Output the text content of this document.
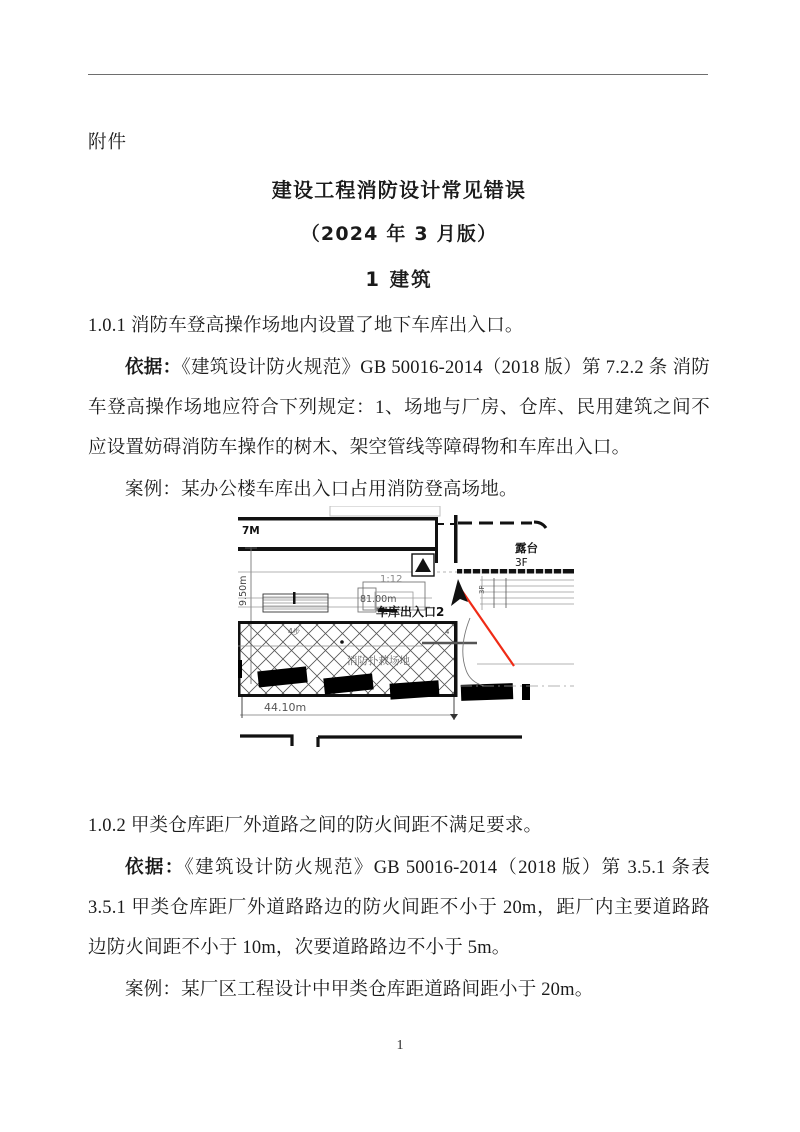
附件
建设工程消防设计常见错误
（2024 年 3 月版）
1 建筑

1.0.1 消防车登高操作场地内设置了地下车库出入口。

依据：《建筑设计防火规范》GB 50016-2014（2018 版）第 7.2.2 条 消防车登高操作场地应符合下列规定：1、场地与厂房、仓库、民用建筑之间不应设置妨碍消防车操作的树木、架空管线等障碍物和车库出入口。

案例：某办公楼车库出入口占用消防登高场地。

7M
9.50m	1:12
81.00m
露台
3F
3F
车库出入口2
消防扑救场地
4步	4
44.10m

1.0.2 甲类仓库距厂外道路之间的防火间距不满足要求。

依据：《建筑设计防火规范》GB 50016-2014（2018 版）第 3.5.1 条表 3.5.1 甲类仓库距厂外道路路边的防火间距不小于 20m，距厂内主要道路路边防火间距不小于 10m，次要道路路边不小于 5m。

案例：某厂区工程设计中甲类仓库距道路间距小于 20m。

1
